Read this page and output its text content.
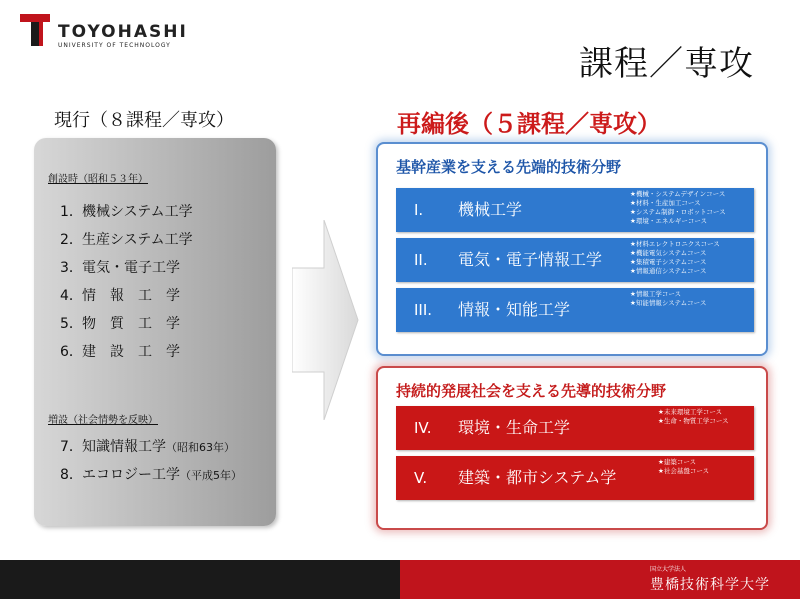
TOYOHASHI
UNIVERSITY OF TECHNOLOGY	課程／専攻
現行（８課程／専攻）
創設時（昭和５３年）
1．機械システム工学
2．生産システム工学
3．電気・電子工学
4．情　報　工　学
5．物　質　工　学
6．建　設　工　学
増設（社会情勢を反映）
7．知識情報工学（昭和63年）
8．エコロジー工学（平成5年）
再編後（５課程／専攻）
基幹産業を支える先端的技術分野
I. 機械工学
★機械・システムデザインコース
★材料・生産加工コース
★システム制御・ロボットコース
★環境・エネルギーコース
II. 電気・電子情報工学
★材料エレクトロニクスコース
★機能電気システムコース
★集積電子システムコース
★情報通信システムコース
III. 情報・知能工学
★情報工学コース
★知能情報システムコース
持続的発展社会を支える先導的技術分野
IV. 環境・生命工学
★未来環境工学コース
★生命・物質工学コース
V. 建築・都市システム学
★建築コース
★社会基盤コース
国立大学法人
豊橋技術科学大学
